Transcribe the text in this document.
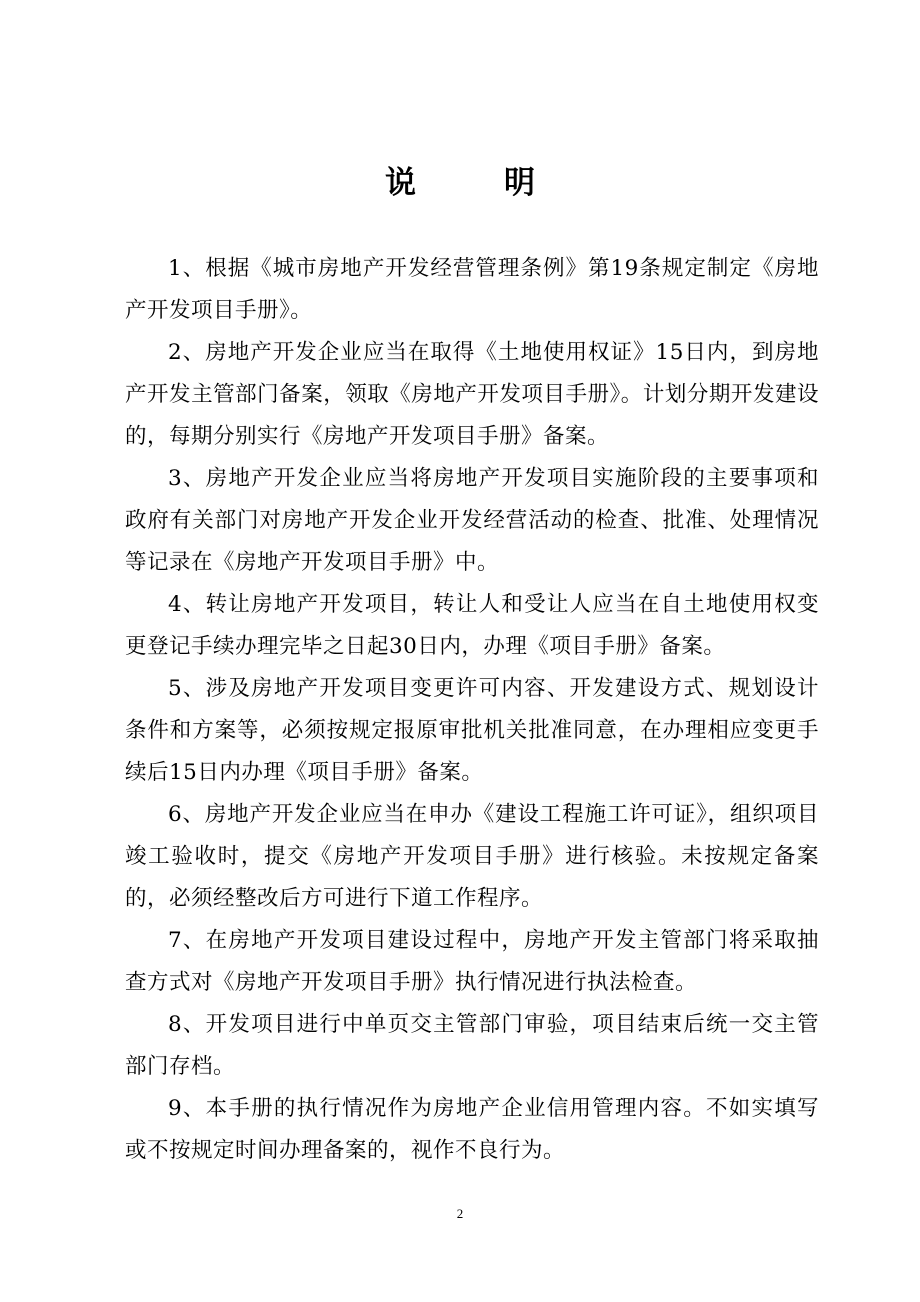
说	明

1、根据《城市房地产开发经营管理条例》第19条规定制定《房地产开发项目手册》。

2、房地产开发企业应当在取得《土地使用权证》15日内，到房地产开发主管部门备案，领取《房地产开发项目手册》。计划分期开发建设的，每期分别实行《房地产开发项目手册》备案。

3、房地产开发企业应当将房地产开发项目实施阶段的主要事项和政府有关部门对房地产开发企业开发经营活动的检查、批准、处理情况等记录在《房地产开发项目手册》中。

4、转让房地产开发项目，转让人和受让人应当在自土地使用权变更登记手续办理完毕之日起30日内，办理《项目手册》备案。

5、涉及房地产开发项目变更许可内容、开发建设方式、规划设计条件和方案等，必须按规定报原审批机关批准同意，在办理相应变更手续后15日内办理《项目手册》备案。

6、房地产开发企业应当在申办《建设工程施工许可证》，组织项目竣工验收时，提交《房地产开发项目手册》进行核验。未按规定备案的，必须经整改后方可进行下道工作程序。

7、在房地产开发项目建设过程中，房地产开发主管部门将采取抽查方式对《房地产开发项目手册》执行情况进行执法检查。

8、开发项目进行中单页交主管部门审验，项目结束后统一交主管部门存档。

9、本手册的执行情况作为房地产企业信用管理内容。不如实填写或不按规定时间办理备案的，视作不良行为。

2
